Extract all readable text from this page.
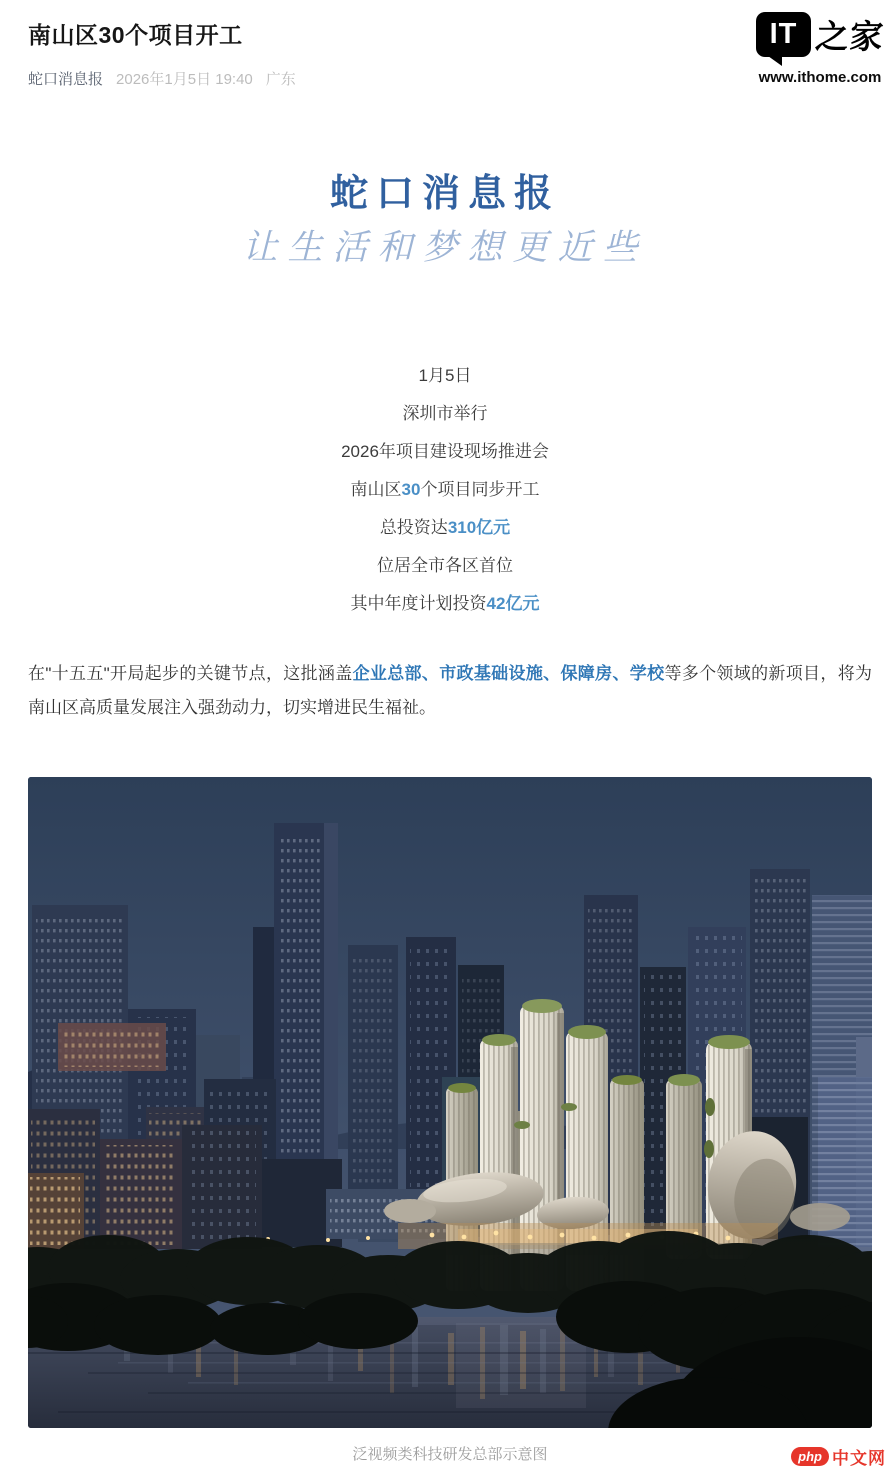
南山区30个项目开工
蛇口消息报 2026年1月5日 19:40 广东
IT 之家
www.ithome.com
蛇口消息报
让生活和梦想更近些

1月5日

深圳市举行

2026年项目建设现场推进会

南山区30个项目同步开工

总投资达310亿元

位居全市各区首位

其中年度计划投资42亿元

在"十五五"开局起步的关键节点，这批涵盖企业总部、市政基础设施、保障房、学校等多个领域的新项目，将为南山区高质量发展注入强劲动力，切实增进民生福祉。
泛视频类科技研发总部示意图	php 中文网
